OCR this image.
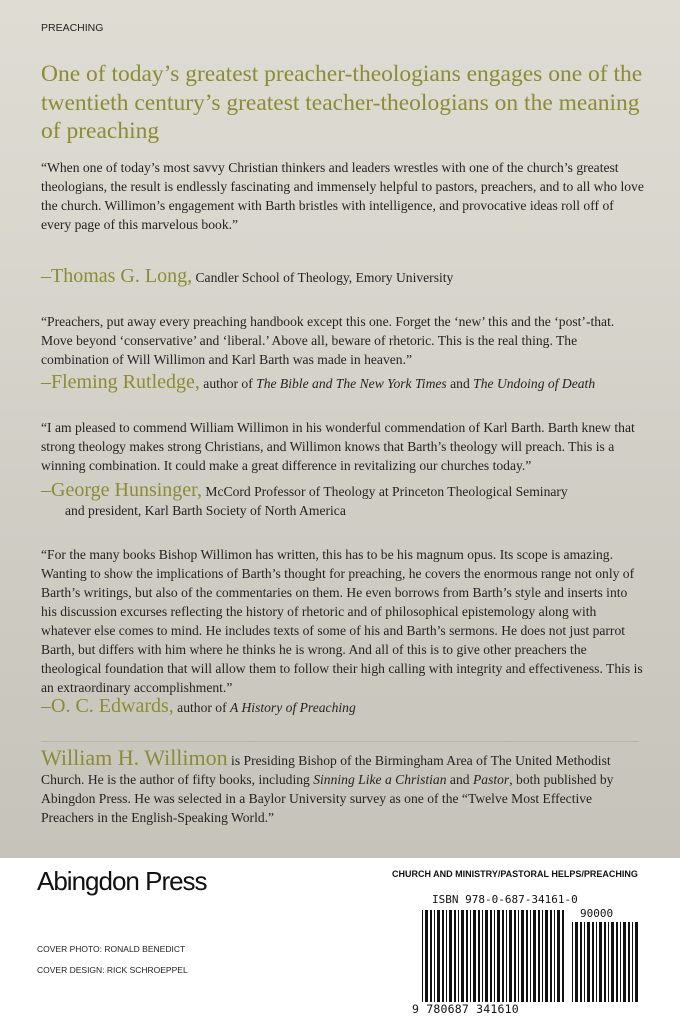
PREACHING
One of today’s greatest preacher-theologians engages one of the twentieth century’s greatest teacher-theologians on the meaning of preaching
“When one of today’s most savvy Christian thinkers and leaders wrestles with one of the church’s greatest theologians, the result is endlessly fascinating and immensely helpful to pastors, preachers, and to all who love the church. Willimon’s engagement with Barth bristles with intelligence, and provocative ideas roll off of every page of this marvelous book.”
–Thomas G. Long, Candler School of Theology, Emory University
“Preachers, put away every preaching handbook except this one. Forget the ‘new’ this and the ‘post’-that. Move beyond ‘conservative’ and ‘liberal.’ Above all, beware of rhetoric. This is the real thing. The combination of Will Willimon and Karl Barth was made in heaven.”
–Fleming Rutledge, author of The Bible and The New York Times and The Undoing of Death
“I am pleased to commend William Willimon in his wonderful commendation of Karl Barth. Barth knew that strong theology makes strong Christians, and Willimon knows that Barth’s theology will preach. This is a winning combination. It could make a great difference in revitalizing our churches today.”
–George Hunsinger, McCord Professor of Theology at Princeton Theological Seminary
and president, Karl Barth Society of North America
“For the many books Bishop Willimon has written, this has to be his magnum opus. Its scope is amazing. Wanting to show the implications of Barth’s thought for preaching, he covers the enormous range not only of Barth’s writings, but also of the commentaries on them. He even borrows from Barth’s style and inserts into his discussion excurses reflecting the history of rhetoric and of philosophical epistemology along with whatever else comes to mind. He includes texts of some of his and Barth’s sermons. He does not just parrot Barth, but differs with him where he thinks he is wrong. And all of this is to give other preachers the theological foundation that will allow them to follow their high calling with integrity and effectiveness. This is an extraordinary accomplishment.”
–O. C. Edwards, author of A History of Preaching
William H. Willimon is Presiding Bishop of the Birmingham Area of The United Methodist Church. He is the author of fifty books, including Sinning Like a Christian and Pastor, both published by Abingdon Press. He was selected in a Baylor University survey as one of the “Twelve Most Effective Preachers in the English-Speaking World.”
Abingdon Press	CHURCH AND MINISTRY/PASTORAL HELPS/PREACHING
COVER PHOTO: RONALD BENEDICT
COVER DESIGN: RICK SCHROEPPEL
ISBN 978-0-687-34161-0
90000
9 780687 341610
